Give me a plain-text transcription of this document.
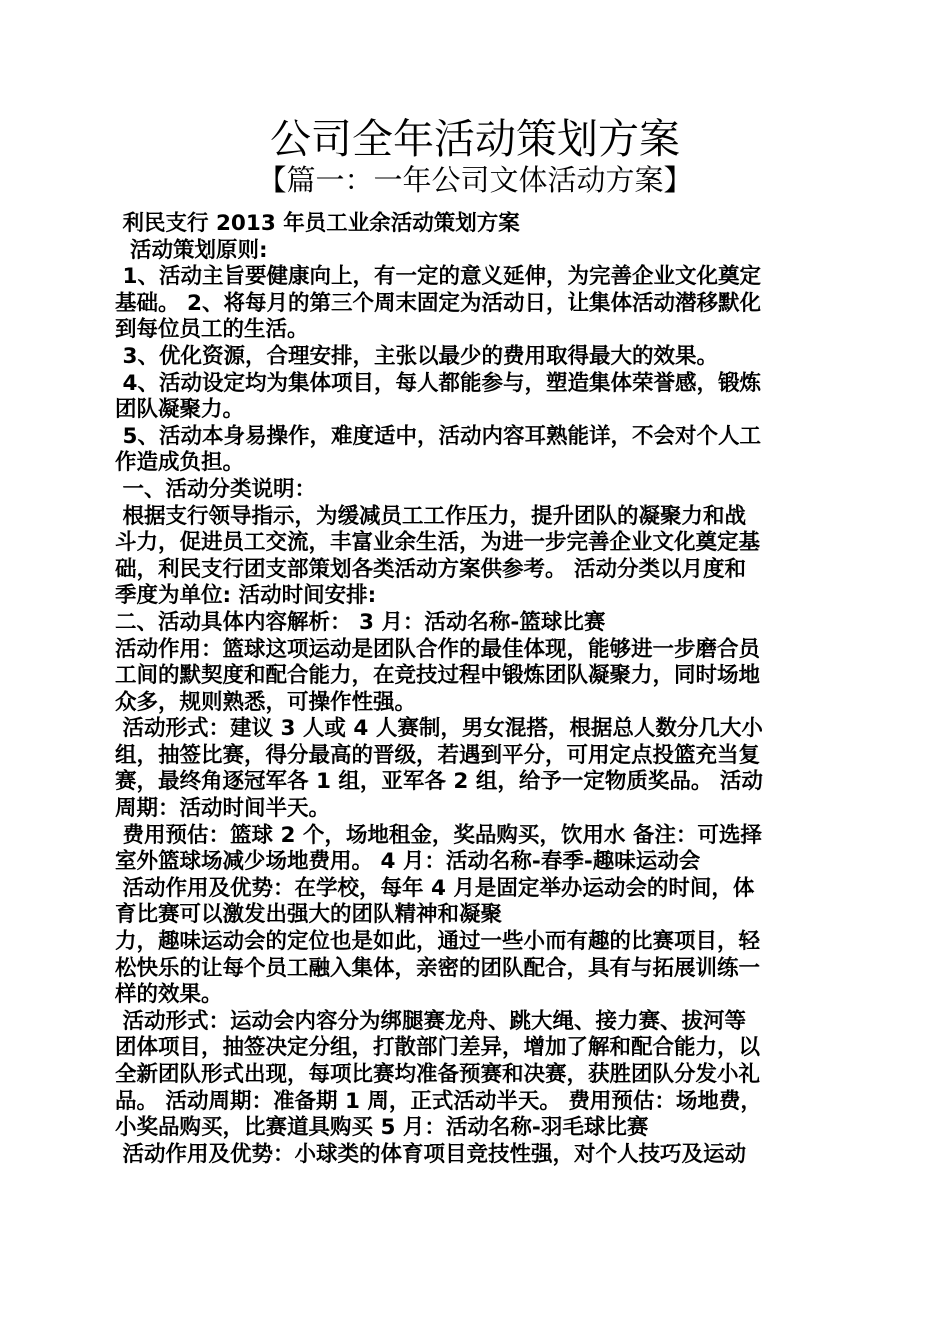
公司全年活动策划方案
【篇一：一年公司文体活动方案】
利民支行 2013 年员工业余活动策划方案
活动策划原则:
1、活动主旨要健康向上，有一定的意义延伸，为完善企业文化奠定
基础。 2、将每月的第三个周末固定为活动日，让集体活动潜移默化
到每位员工的生活。
3、优化资源，合理安排，主张以最少的费用取得最大的效果。
4、活动设定均为集体项目，每人都能参与，塑造集体荣誉感，锻炼
团队凝聚力。
5、活动本身易操作，难度适中，活动内容耳熟能详，不会对个人工
作造成负担。
一、活动分类说明：
根据支行领导指示，为缓减员工工作压力，提升团队的凝聚力和战
斗力，促进员工交流，丰富业余生活，为进一步完善企业文化奠定基
础，利民支行团支部策划各类活动方案供参考。 活动分类以月度和
季度为单位: 活动时间安排:
二、活动具体内容解析： 3 月：活动名称-篮球比赛
活动作用：篮球这项运动是团队合作的最佳体现，能够进一步磨合员
工间的默契度和配合能力，在竞技过程中锻炼团队凝聚力，同时场地
众多，规则熟悉，可操作性强。
活动形式：建议 3 人或 4 人赛制，男女混搭，根据总人数分几大小
组，抽签比赛，得分最高的晋级，若遇到平分，可用定点投篮充当复
赛，最终角逐冠军各 1 组，亚军各 2 组，给予一定物质奖品。 活动
周期：活动时间半天。
费用预估：篮球 2 个，场地租金，奖品购买，饮用水 备注：可选择
室外篮球场减少场地费用。 4 月：活动名称-春季-趣味运动会
活动作用及优势：在学校，每年 4 月是固定举办运动会的时间，体
育比赛可以激发出强大的团队精神和凝聚
力，趣味运动会的定位也是如此，通过一些小而有趣的比赛项目，轻
松快乐的让每个员工融入集体，亲密的团队配合，具有与拓展训练一
样的效果。
活动形式：运动会内容分为绑腿赛龙舟、跳大绳、接力赛、拔河等
团体项目，抽签决定分组，打散部门差异，增加了解和配合能力，以
全新团队形式出现，每项比赛均准备预赛和决赛，获胜团队分发小礼
品。 活动周期：准备期 1 周，正式活动半天。 费用预估：场地费，
小奖品购买，比赛道具购买 5 月：活动名称-羽毛球比赛
活动作用及优势：小球类的体育项目竞技性强，对个人技巧及运动
